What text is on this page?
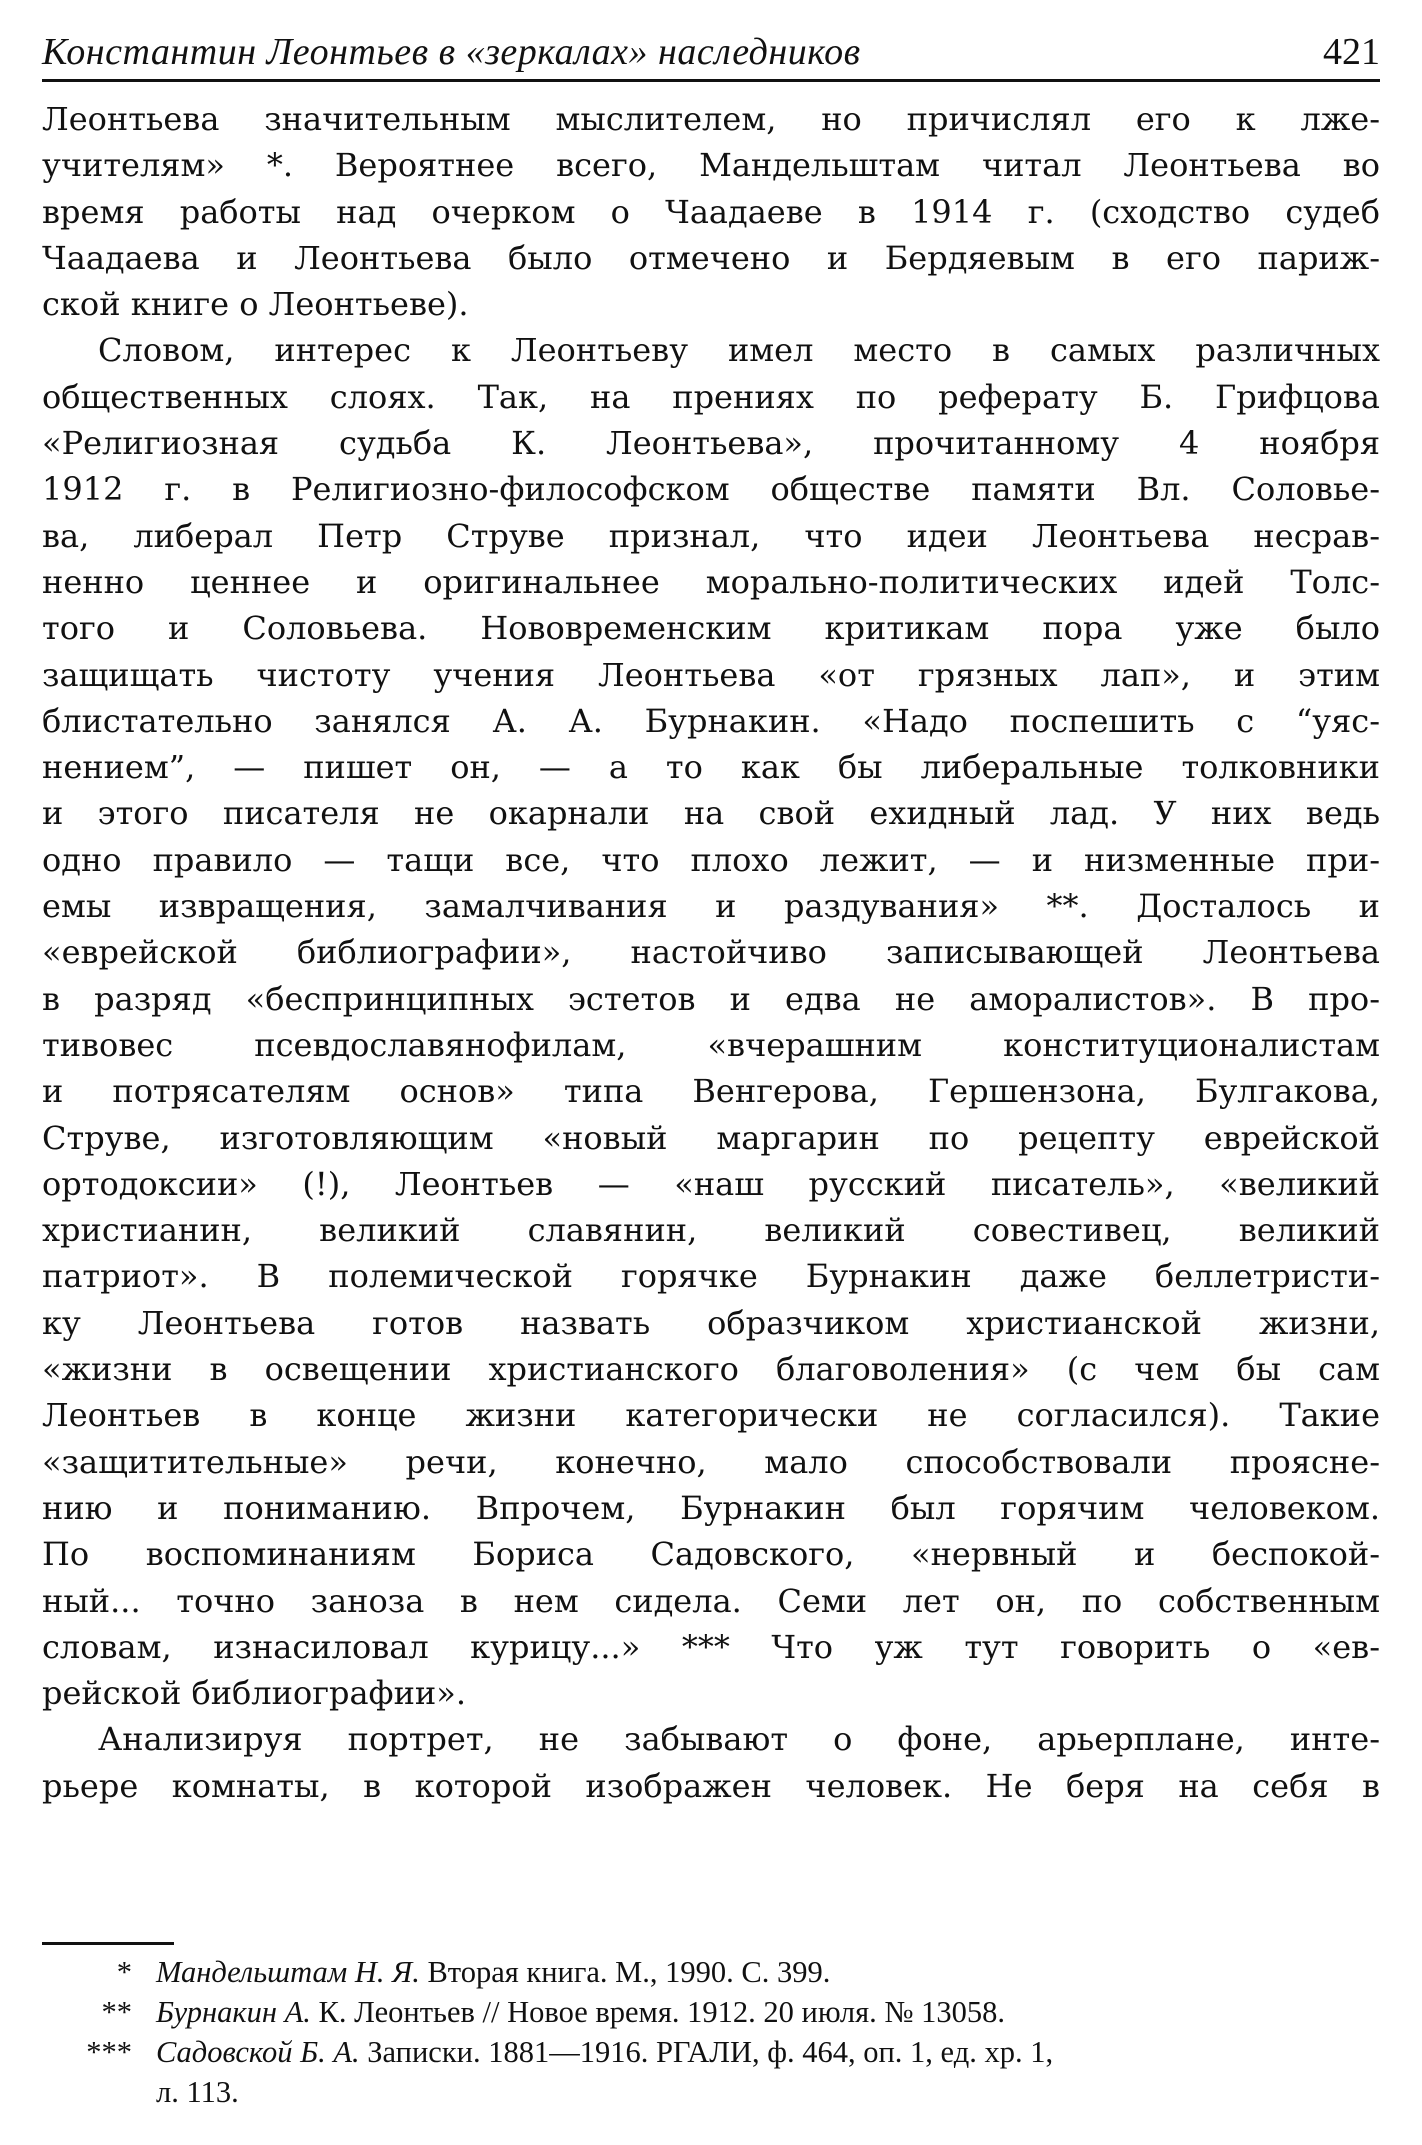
Константин Леонтьев в «зеркалах» наследников	421

Леонтьева значительным мыслителем, но причислял его к лже-

учителям» *. Вероятнее всего, Мандельштам читал Леонтьева во

время работы над очерком о Чаадаеве в 1914 г. (сходство судеб

Чаадаева и Леонтьева было отмечено и Бердяевым в его париж-

ской книге о Леонтьеве).

Словом, интерес к Леонтьеву имел место в самых различных

общественных слоях. Так, на прениях по реферату Б. Грифцова

«Религиозная судьба К. Леонтьева», прочитанному 4 ноября

1912 г. в Религиозно-философском обществе памяти Вл. Соловье-

ва, либерал Петр Струве признал, что идеи Леонтьева несрав-

ненно ценнее и оригинальнее морально-политических идей Толс-

того и Соловьева. Нововременским критикам пора уже было

защищать чистоту учения Леонтьева «от грязных лап», и этим

блистательно занялся А. А. Бурнакин. «Надо поспешить с “уяс-

нением”, — пишет он, — а то как бы либеральные толковники

и этого писателя не окарнали на свой ехидный лад. У них ведь

одно правило — тащи все, что плохо лежит, — и низменные при-

емы извращения, замалчивания и раздувания» **. Досталось и

«еврейской библиографии», настойчиво записывающей Леонтьева

в разряд «беспринципных эстетов и едва не аморалистов». В про-

тивовес псевдославянофилам, «вчерашним конституционалистам

и потрясателям основ» типа Венгерова, Гершензона, Булгакова,

Струве, изготовляющим «новый маргарин по рецепту еврейской

ортодоксии» (!), Леонтьев — «наш русский писатель», «великий

христианин, великий славянин, великий совестивец, великий

патриот». В полемической горячке Бурнакин даже беллетристи-

ку Леонтьева готов назвать образчиком христианской жизни,

«жизни в освещении христианского благоволения» (с чем бы сам

Леонтьев в конце жизни категорически не согласился). Такие

«защитительные» речи, конечно, мало способствовали прояснe-

нию и пониманию. Впрочем, Бурнакин был горячим человеком.

По воспоминаниям Бориса Садовского, «нервный и беспокой-

ный... точно заноза в нем сидела. Семи лет он, по собственным

словам, изнасиловал курицу...» *** Что уж тут говорить о «ев-

рейской библиографии».

Анализируя портрет, не забывают о фоне, арьерплане, инте-

рьере комнаты, в которой изображен человек. Не беря на себя в

* Мандельштам Н. Я. Вторая книга. М., 1990. С. 399.
** Бурнакин А. К. Леонтьев // Новое время. 1912. 20 июля. № 13058.
*** Садовской Б. А. Записки. 1881—1916. РГАЛИ, ф. 464, оп. 1, ед. хр. 1,
л. 113.
